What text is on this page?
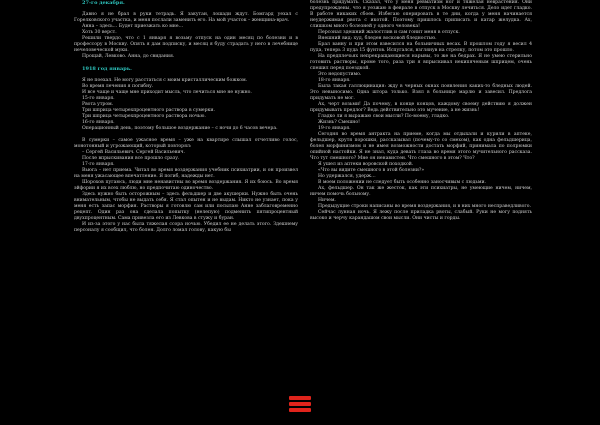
27-го декабря.

Давно я не брал в руки тетрадь. Я закутан, лошади ждут. Бомгард уехал с Горелковского участка, и меня послали заменить его. На мой участок – женщина-врач.

Анна – здесь… Будет приезжать ко мне…

Хоть 30 верст.

Решили твердо, что с 1 января я возьму отпуск на один месяц по болезни и в профессору в Москву. Опять я дам подписку, и месяц я буду страдать у него в лечебнице нечеловеческой муки.

Прощай, Левково. Анна, до свидания.

1918 год январь.

Я не поехал. Не могу расстаться с моим кристаллическим божком.

Во время лечения я погибну.

И все чаще и чаще мне приходит мысль, что лечиться мне не нужно.

15-го января.

Рвота утром.

Три шприца четырехпроцентного раствора в сумерки.

Три шприца четырехпроцентного раствора ночью.

16-го января.

Операционный день, поэтому большое воздержание – с ночи до 6 часов вечера.

В сумерки – самое ужасное время – уже на квартире слышал отчетливо голос, монотонный и угрожающий, который повторял:

– Сергей Васильевич. Сергей Васильевич.

После впрыскивания все прошло сразу.

17-го января.

Вьюга – нет приема. Читал во время воздержания учебник психиатрии, и он произвел на меня ужасающее впечатление. Я погиб, надежды нет.

Шорохов пугаюсь, люди мне ненавистны во время воздержания. Я их боюсь. Во время эйфории я их всех люблю, но предпочитаю одиночество.

Здесь нужно быть осторожным – здесь фельдшер и две акушерки. Нужно быть очень внимательным, чтобы не выдать себя. Я стал опытен и не выдам. Никто не узнает, пока у меня есть запас морфия. Растворы я готовлю сам или посылаю Анне заблаговременно рецепт. Один раз она сделала попытку (нелепую) подменить пятипроцентный двухпроцентным. Сама привезла его из Левкова в стужу и буран.

И из-за этого у нас была тяжелая ссора ночью. Убедил ее не делать этого. Здешнему персоналу я сообщил, что болен. Долго ломал голову, какую бы

болезнь придумать. Сказал, что у меня ревматизм ног и тяжелая неврастения. Они предупреждены, что я уезжаю в феврале в отпуск в Москву лечиться. Дело идет гладко. В работе никаких сбоев. Избегаю оперировать в те дни, когда у меня начинается неудержимая рвота с икотой. Поэтому пришлось приписать и катар желудка. Ах, слишком много болезней у одного человека!

Персонал здешний жалостлив и сам гонит меня в отпуск.

Внешний вид: худ, бледен восковой бледностью.

Брал ванну и при этом взвесился на больничных весах. В прошлом году я весил 4 пуда, теперь 3 пуда 15 фунтов. Испугался, взглянув на стрелку, потом это прошло.

На предплечьях непрекращающиеся нарывы, то же на бедрах. Я не умею стерильно готовить растворы, кроме того, раза три я впрыскивал некипяченым шприцем, очень спешил перед поездкой.

Это недопустимо.

18-го января.

Была такая галлюцинация: жду в черных окнах появления каких-то бледных людей. Это невыносимо. Одна штора только. Взял в больнице марлю и завесил. Предлога придумать не мог.

Ах, черт возьми! Да почему, в конце концов, каждому своему действию я должен придумывать предлог? Ведь действительно это мучение, а не жизнь!

Гладко ли я выражаю свои мысли? По-моему, гладко.

Жизнь? Смешно!

19-го января.

Сегодня во время антракта на приеме, когда мы отдыхали и курили в аптеке, фельдшер, крутя порошки, рассказывал (почему-то со смехом), как одна фельдшерица, болея морфинизмом и не имея возможности достать морфий, принимала по полрюмки опийной настойки. Я не знал, куда девать глаза во время этого мучительного рассказа. Что тут смешного? Мне он ненавистен. Что смешного в этом? Что?

Я ушел из аптеки воровской походкой.

«Что вы видите смешного в этой болезни?»

Но удержался, удерж…

В моем положении не следует быть особенно заносчивым с людьми.

Ах, фельдшер. Он так же жесток, как эти психиатры, не умеющие ничем, ничем, ничем помочь больному.

Ничем.

Предыдущие строки написаны во время воздержания, и в них много несправедливого.

Сейчас лунная ночь. Я лежу после приладка рвоты, слабый. Руки не могу поднять высоко и черчу карандашом свои мысли. Они чисты и горды.
